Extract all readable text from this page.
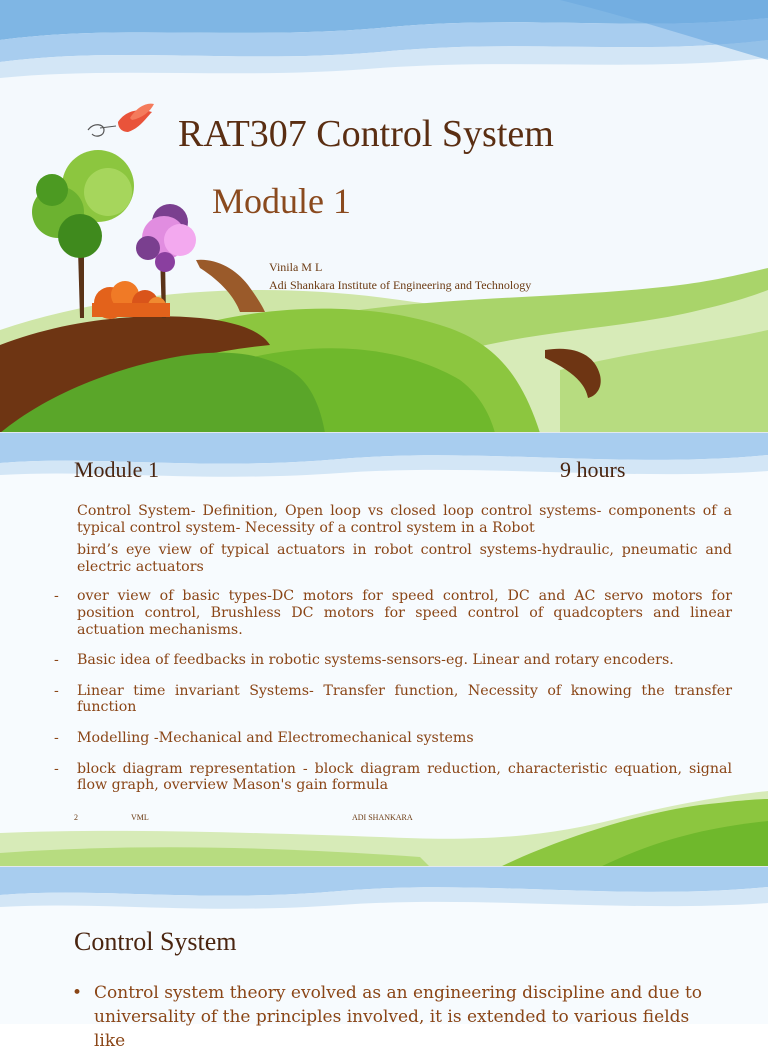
RAT307 Control System
Module 1
Vinila M L
Adi Shankara Institute of Engineering and Technology
Module 1	9 hours
Control System- Definition, Open loop vs closed loop control systems- components of a typical control system- Necessity of a control system in a Robot
bird’s eye view of typical actuators in robot control systems-hydraulic, pneumatic and electric actuators
-	over view of basic types-DC motors for speed control, DC and AC servo motors for position control, Brushless DC motors for speed control of quadcopters and linear actuation mechanisms.
-	Basic idea of feedbacks in robotic systems-sensors-eg. Linear and rotary encoders.
-	Linear time invariant Systems- Transfer function, Necessity of knowing the transfer function
-	Modelling -Mechanical and Electromechanical systems
-	block diagram representation - block diagram reduction, characteristic equation, signal flow graph, overview Mason's gain formula
2	VML	ADI SHANKARA
Control System
• Control system theory evolved as an engineering discipline and due to universality of the principles involved, it is extended to various fields like
